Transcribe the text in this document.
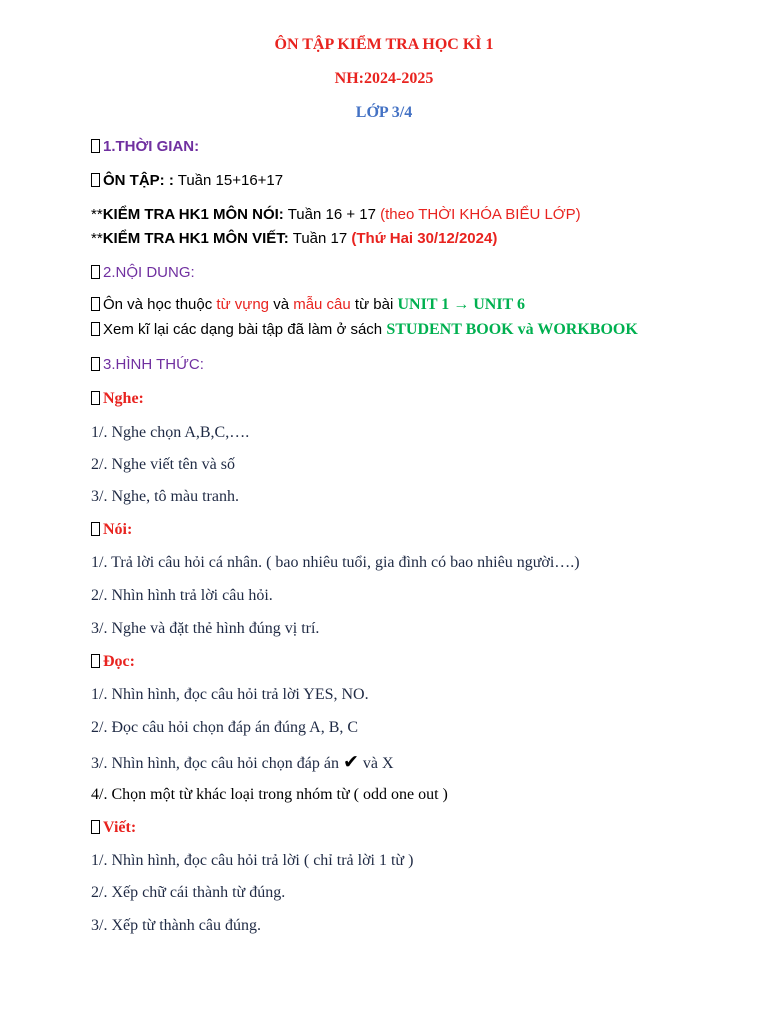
ÔN TẬP KIỂM TRA HỌC KÌ 1
NH:2024-2025
LỚP 3/4
1.THỜI GIAN:
ÔN TẬP: : Tuần 15+16+17
**KIỂM TRA HK1 MÔN NÓI: Tuần 16 + 17 (theo THỜI KHÓA BIỂU LỚP)
**KIỂM TRA HK1 MÔN VIẾT: Tuần 17 (Thứ Hai 30/12/2024)
2.NỘI DUNG:
Ôn và học thuộc từ vựng và mẫu câu từ bài UNIT 1 → UNIT 6
Xem kĩ lại các dạng bài tập đã làm ở sách STUDENT BOOK và WORKBOOK
3.HÌNH THỨC:
Nghe:
1/. Nghe chọn A,B,C,….
2/. Nghe viết tên và số
3/. Nghe, tô màu tranh.
Nói:
1/. Trả lời câu hỏi cá nhân. ( bao nhiêu tuổi, gia đình có bao nhiêu người….)
2/. Nhìn hình trả lời câu hỏi.
3/. Nghe và đặt thẻ hình đúng vị trí.
Đọc:
1/. Nhìn hình, đọc câu hỏi trả lời YES, NO.
2/. Đọc câu hỏi chọn đáp án đúng A, B, C
3/. Nhìn hình, đọc câu hỏi chọn đáp án ✔ và X
4/. Chọn một từ khác loại trong nhóm từ ( odd one out )
Viết:
1/. Nhìn hình, đọc câu hỏi trả lời ( chỉ trả lời 1 từ )
2/. Xếp chữ cái thành từ đúng.
3/. Xếp từ thành câu đúng.
